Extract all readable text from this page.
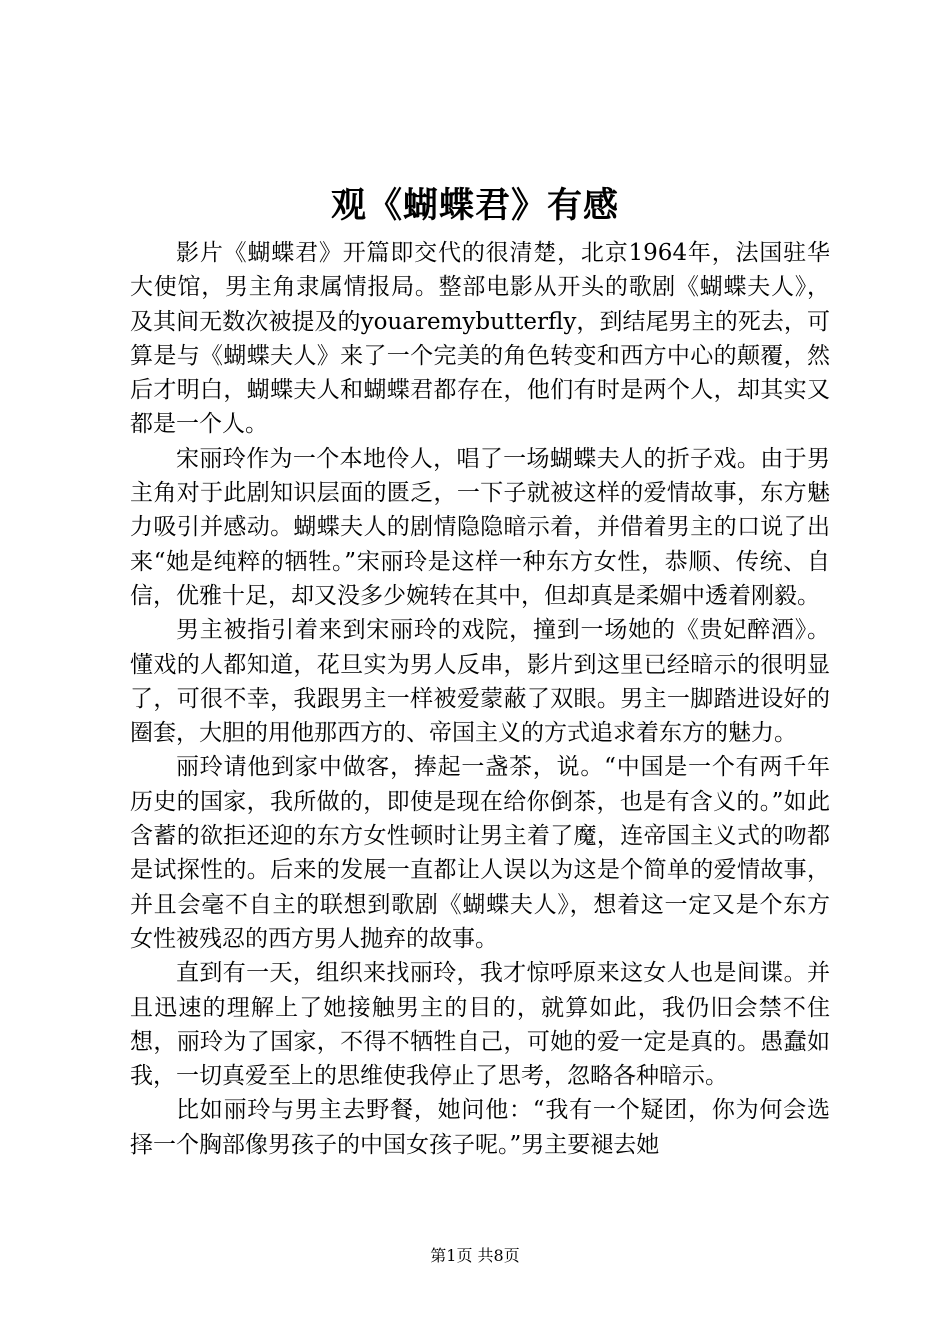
观《蝴蝶君》有感

影片《蝴蝶君》开篇即交代的很清楚，北京1964年，法国驻华大使馆，男主角隶属情报局。整部电影从开头的歌剧《蝴蝶夫人》，及其间无数次被提及的youaremybutterfly，到结尾男主的死去，可算是与《蝴蝶夫人》来了一个完美的角色转变和西方中心的颠覆，然后才明白，蝴蝶夫人和蝴蝶君都存在，他们有时是两个人，却其实又都是一个人。

宋丽玲作为一个本地伶人，唱了一场蝴蝶夫人的折子戏。由于男主角对于此剧知识层面的匮乏，一下子就被这样的爱情故事，东方魅力吸引并感动。蝴蝶夫人的剧情隐隐暗示着，并借着男主的口说了出来“她是纯粹的牺牲。”宋丽玲是这样一种东方女性，恭顺、传统、自信，优雅十足，却又没多少婉转在其中，但却真是柔媚中透着刚毅。

男主被指引着来到宋丽玲的戏院，撞到一场她的《贵妃醉酒》。懂戏的人都知道，花旦实为男人反串，影片到这里已经暗示的很明显了，可很不幸，我跟男主一样被爱蒙蔽了双眼。男主一脚踏进设好的圈套，大胆的用他那西方的、帝国主义的方式追求着东方的魅力。

丽玲请他到家中做客，捧起一盏茶，说。“中国是一个有两千年历史的国家，我所做的，即使是现在给你倒茶，也是有含义的。”如此含蓄的欲拒还迎的东方女性顿时让男主着了魔，连帝国主义式的吻都是试探性的。后来的发展一直都让人误以为这是个简单的爱情故事，并且会毫不自主的联想到歌剧《蝴蝶夫人》，想着这一定又是个东方女性被残忍的西方男人抛弃的故事。

直到有一天，组织来找丽玲，我才惊呼原来这女人也是间谍。并且迅速的理解上了她接触男主的目的，就算如此，我仍旧会禁不住想，丽玲为了国家，不得不牺牲自己，可她的爱一定是真的。愚蠢如我，一切真爱至上的思维使我停止了思考，忽略各种暗示。

比如丽玲与男主去野餐，她问他：“我有一个疑团，你为何会选择一个胸部像男孩子的中国女孩子呢。”男主要褪去她

第1页 共8页
